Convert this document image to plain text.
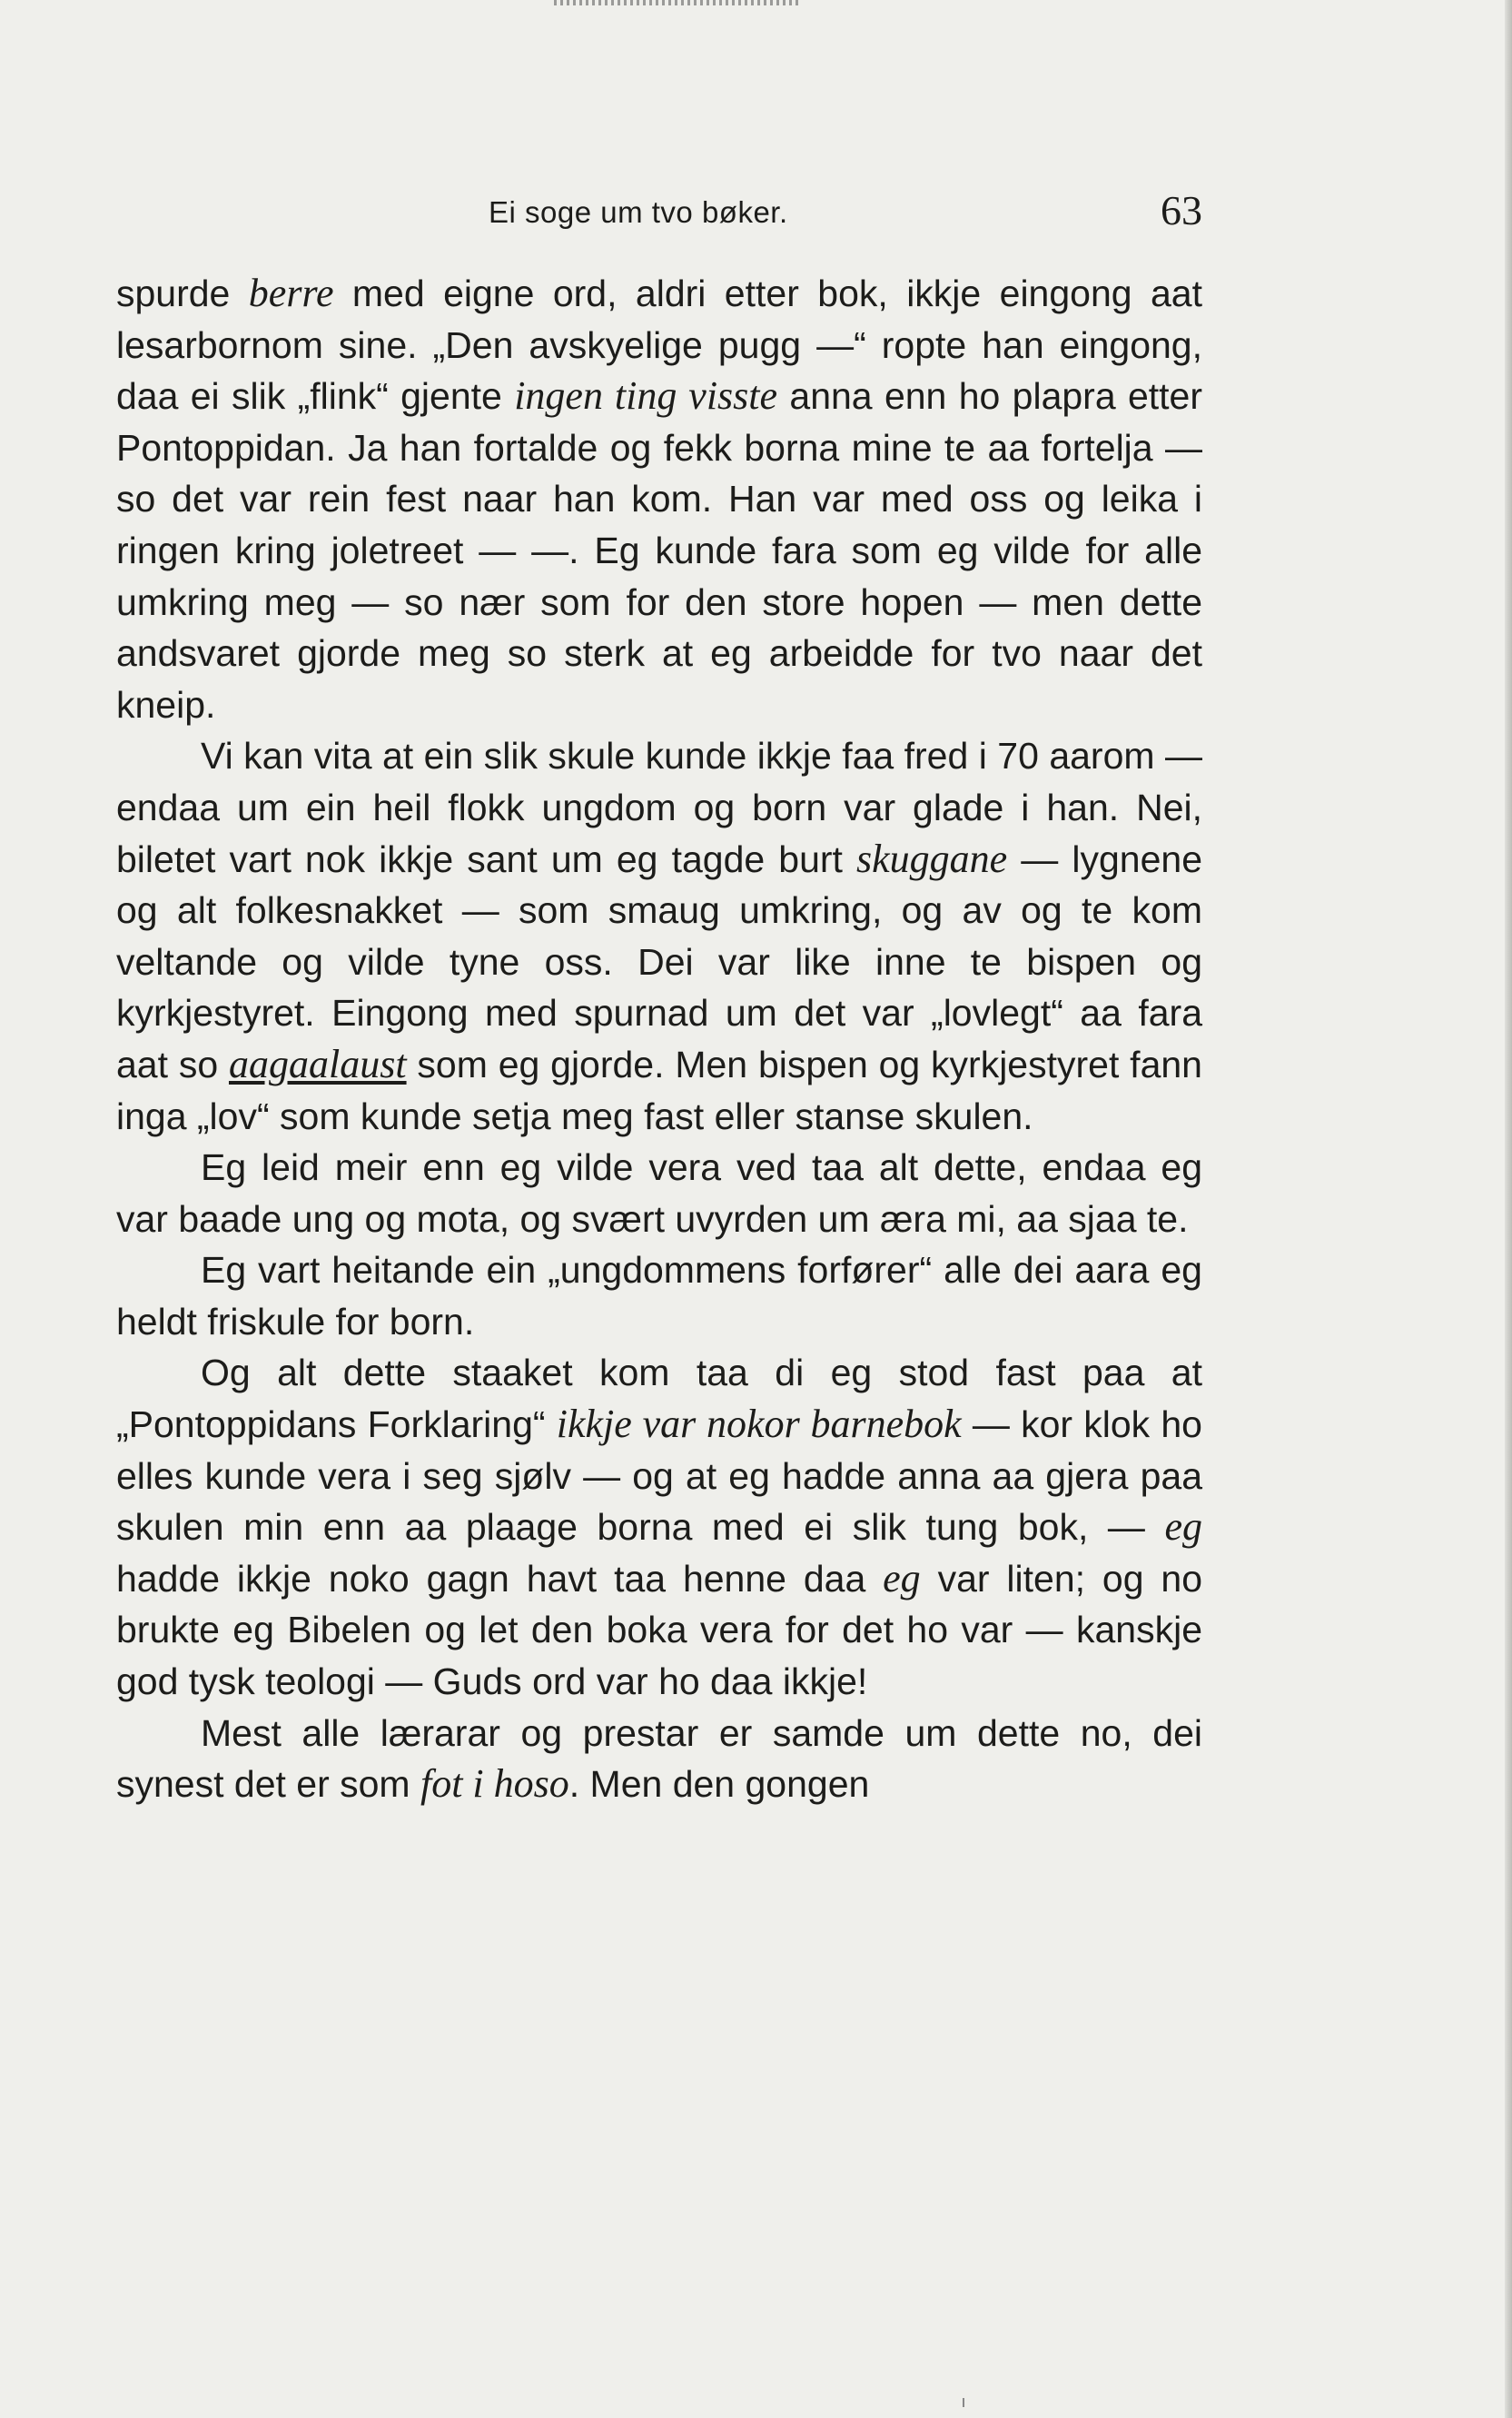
Ei soge um tvo bøker.	63

spurde berre med eigne ord, aldri etter bok, ikkje eingong aat lesarbornom sine. „Den avskyelige pugg —“ ropte han eingong, daa ei slik „flink“ gjente ingen ting visste anna enn ho plapra etter Pontoppidan. Ja han fortalde og fekk borna mine te aa fortelja — so det var rein fest naar han kom. Han var med oss og leika i ringen kring joletreet — —. Eg kunde fara som eg vilde for alle umkring meg — so nær som for den store hopen — men dette andsvaret gjorde meg so sterk at eg arbeidde for tvo naar det kneip.

Vi kan vita at ein slik skule kunde ikkje faa fred i 70 aarom — endaa um ein heil flokk ungdom og born var glade i han. Nei, biletet vart nok ikkje sant um eg tagde burt skuggane — lygnene og alt folkesnakket — som smaug umkring, og av og te kom veltande og vilde tyne oss. Dei var like inne te bispen og kyrkjestyret. Eingong med spurnad um det var „lovlegt“ aa fara aat so aagaalaust som eg gjorde. Men bispen og kyrkjestyret fann inga „lov“ som kunde setja meg fast eller stanse skulen.

Eg leid meir enn eg vilde vera ved taa alt dette, endaa eg var baade ung og mota, og svært uvyrden um æra mi, aa sjaa te.

Eg vart heitande ein „ungdommens forfører“ alle dei aara eg heldt friskule for born.

Og alt dette staaket kom taa di eg stod fast paa at „Pontoppidans Forklaring“ ikkje var nokor barnebok — kor klok ho elles kunde vera i seg sjølv — og at eg hadde anna aa gjera paa skulen min enn aa plaage borna med ei slik tung bok, — eg hadde ikkje noko gagn havt taa henne daa eg var liten; og no brukte eg Bibelen og let den boka vera for det ho var — kanskje god tysk teologi — Guds ord var ho daa ikkje!

Mest alle lærarar og prestar er samde um dette no, dei synest det er som fot i hoso. Men den gongen
